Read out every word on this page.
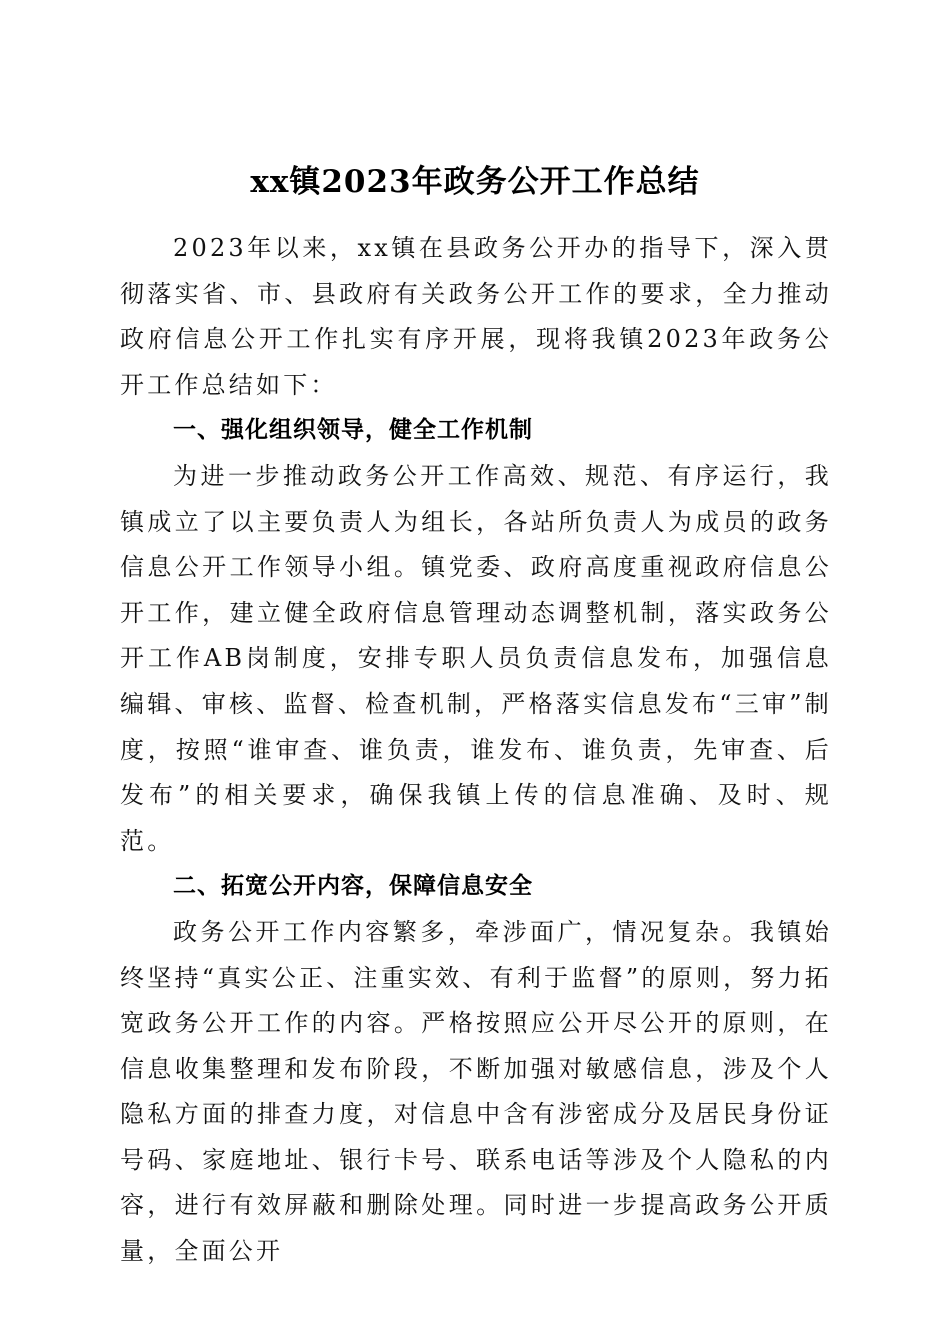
xx镇2023年政务公开工作总结

2023年以来，xx镇在县政务公开办的指导下，深入贯彻落实省、市、县政府有关政务公开工作的要求，全力推动政府信息公开工作扎实有序开展，现将我镇2023年政务公开工作总结如下：

一、强化组织领导，健全工作机制

为进一步推动政务公开工作高效、规范、有序运行，我镇成立了以主要负责人为组长，各站所负责人为成员的政务信息公开工作领导小组。镇党委、政府高度重视政府信息公开工作，建立健全政府信息管理动态调整机制，落实政务公开工作AB岗制度，安排专职人员负责信息发布，加强信息编辑、审核、监督、检查机制，严格落实信息发布“三审”制度，按照“谁审查、谁负责，谁发布、谁负责，先审查、后发布”的相关要求，确保我镇上传的信息准确、及时、规范。

二、拓宽公开内容，保障信息安全

政务公开工作内容繁多，牵涉面广，情况复杂。我镇始终坚持“真实公正、注重实效、有利于监督”的原则，努力拓宽政务公开工作的内容。严格按照应公开尽公开的原则，在信息收集整理和发布阶段，不断加强对敏感信息，涉及个人隐私方面的排查力度，对信息中含有涉密成分及居民身份证号码、家庭地址、银行卡号、联系电话等涉及个人隐私的内容，进行有效屏蔽和删除处理。同时进一步提高政务公开质量，全面公开
